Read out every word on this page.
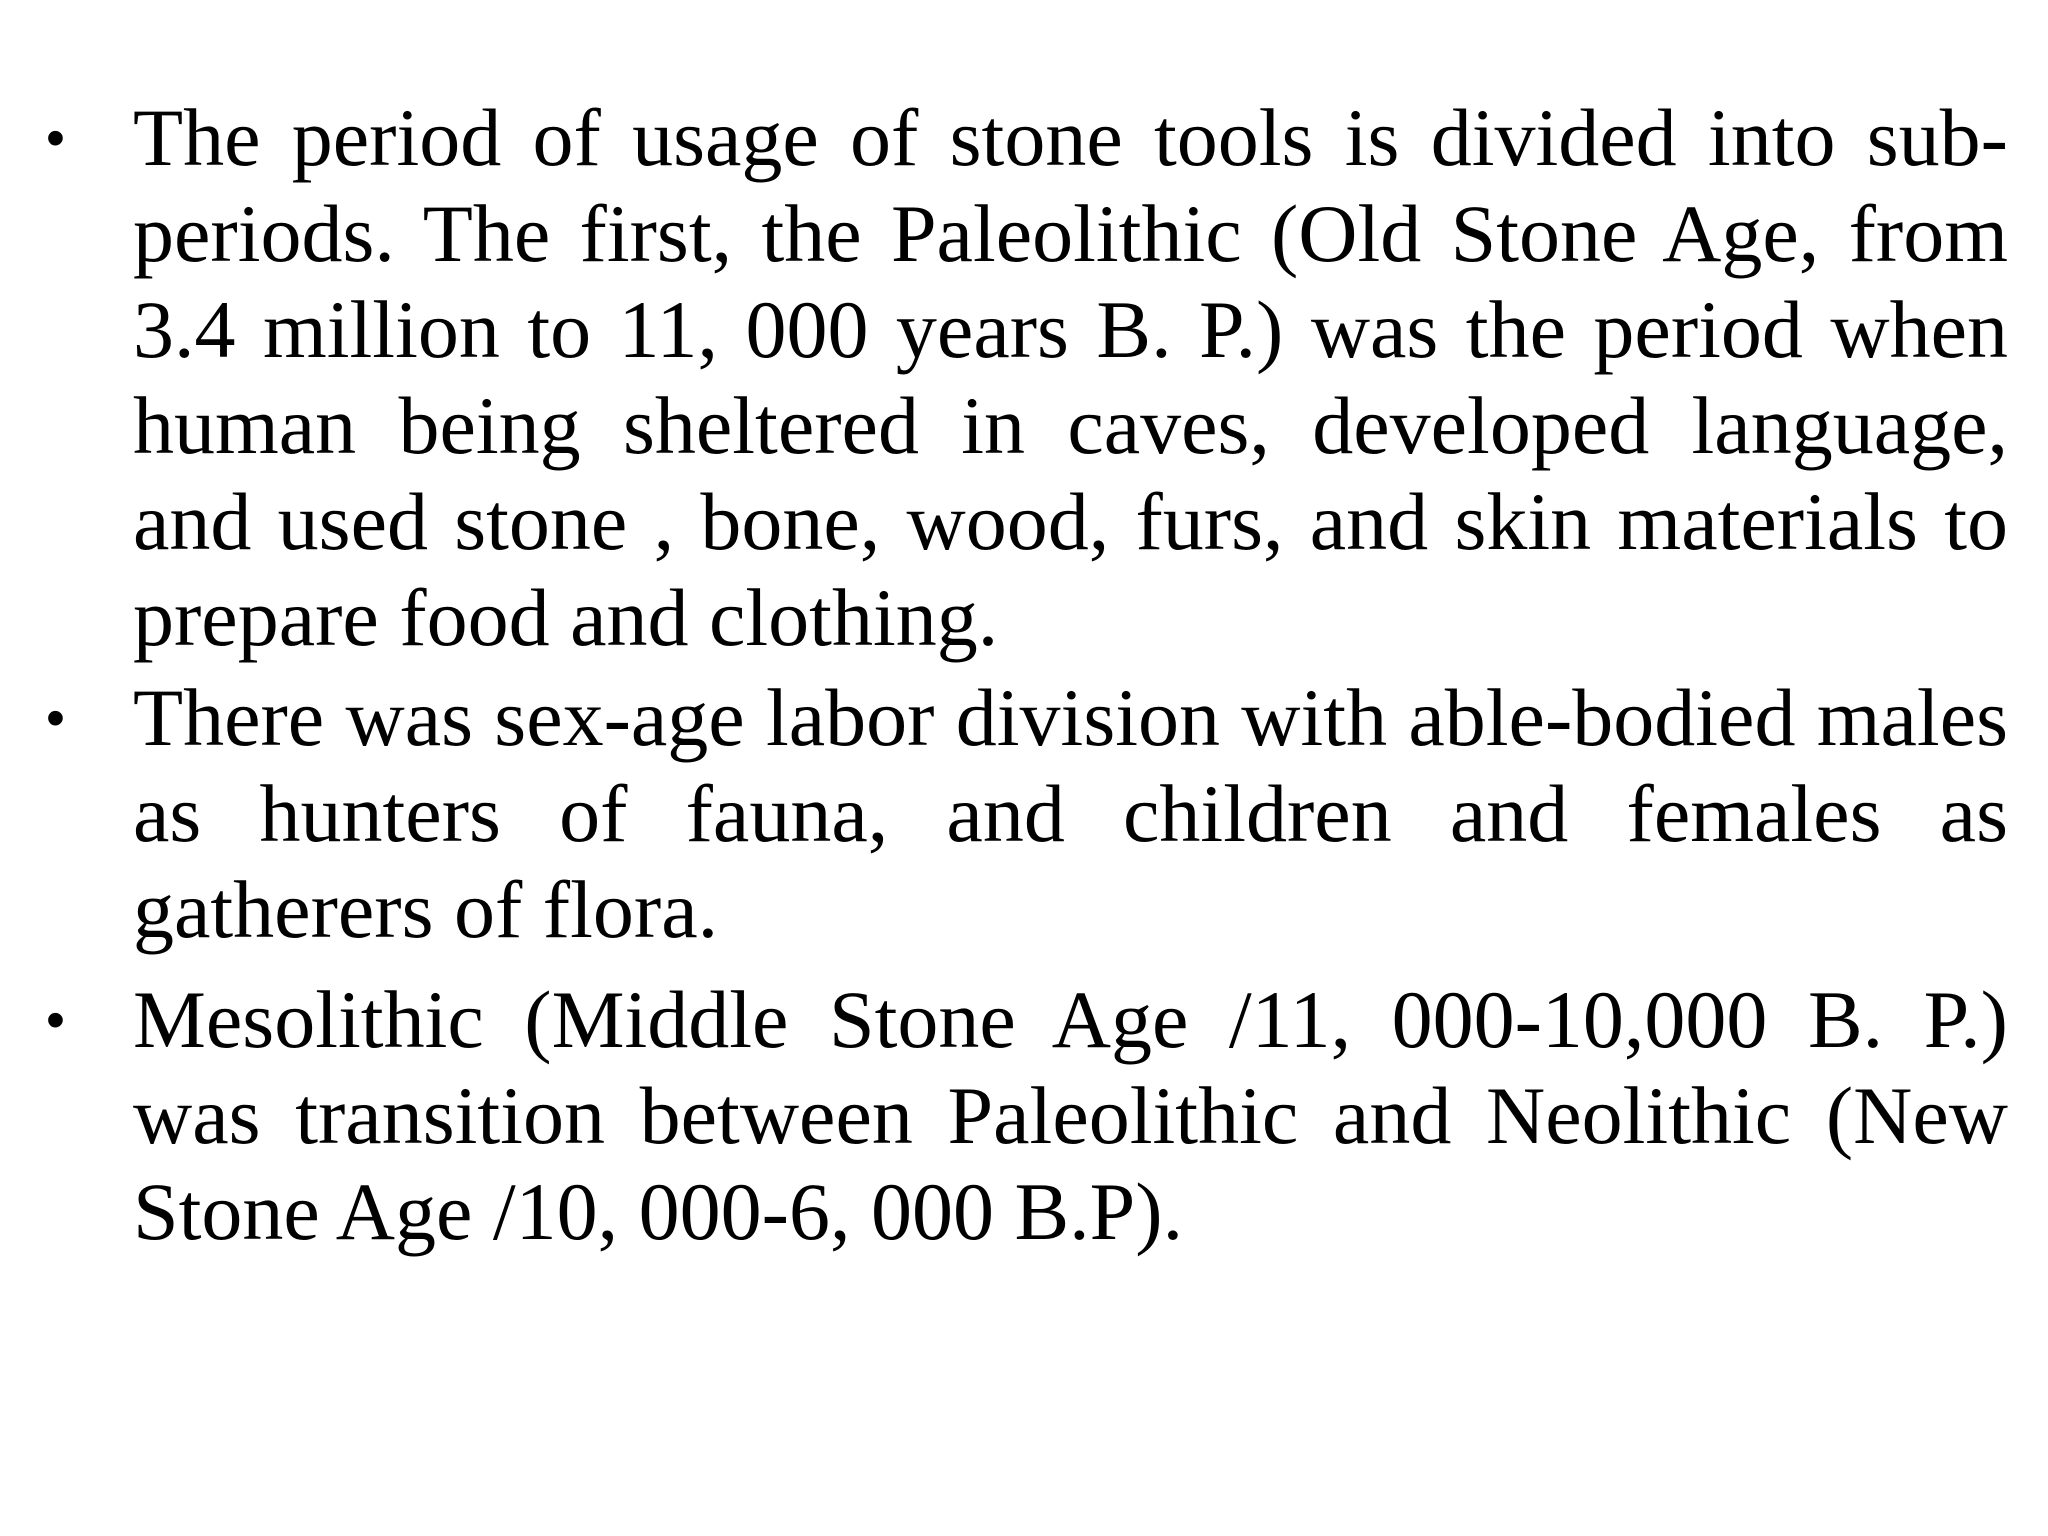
• The period of usage of stone tools is divided into sub-periods. The first, the Paleolithic (Old Stone Age, from 3.4 million to 11, 000 years B. P.) was the period when human being sheltered in caves, developed language, and used stone , bone, wood, furs, and skin materials to prepare food and clothing.
• There was sex-age labor division with able-bodied males as hunters of fauna, and children and females as gatherers of flora.
• Mesolithic (Middle Stone Age /11, 000-10,000 B. P.) was transition between Paleolithic and Neolithic (New Stone Age /10, 000-6, 000 B.P).
